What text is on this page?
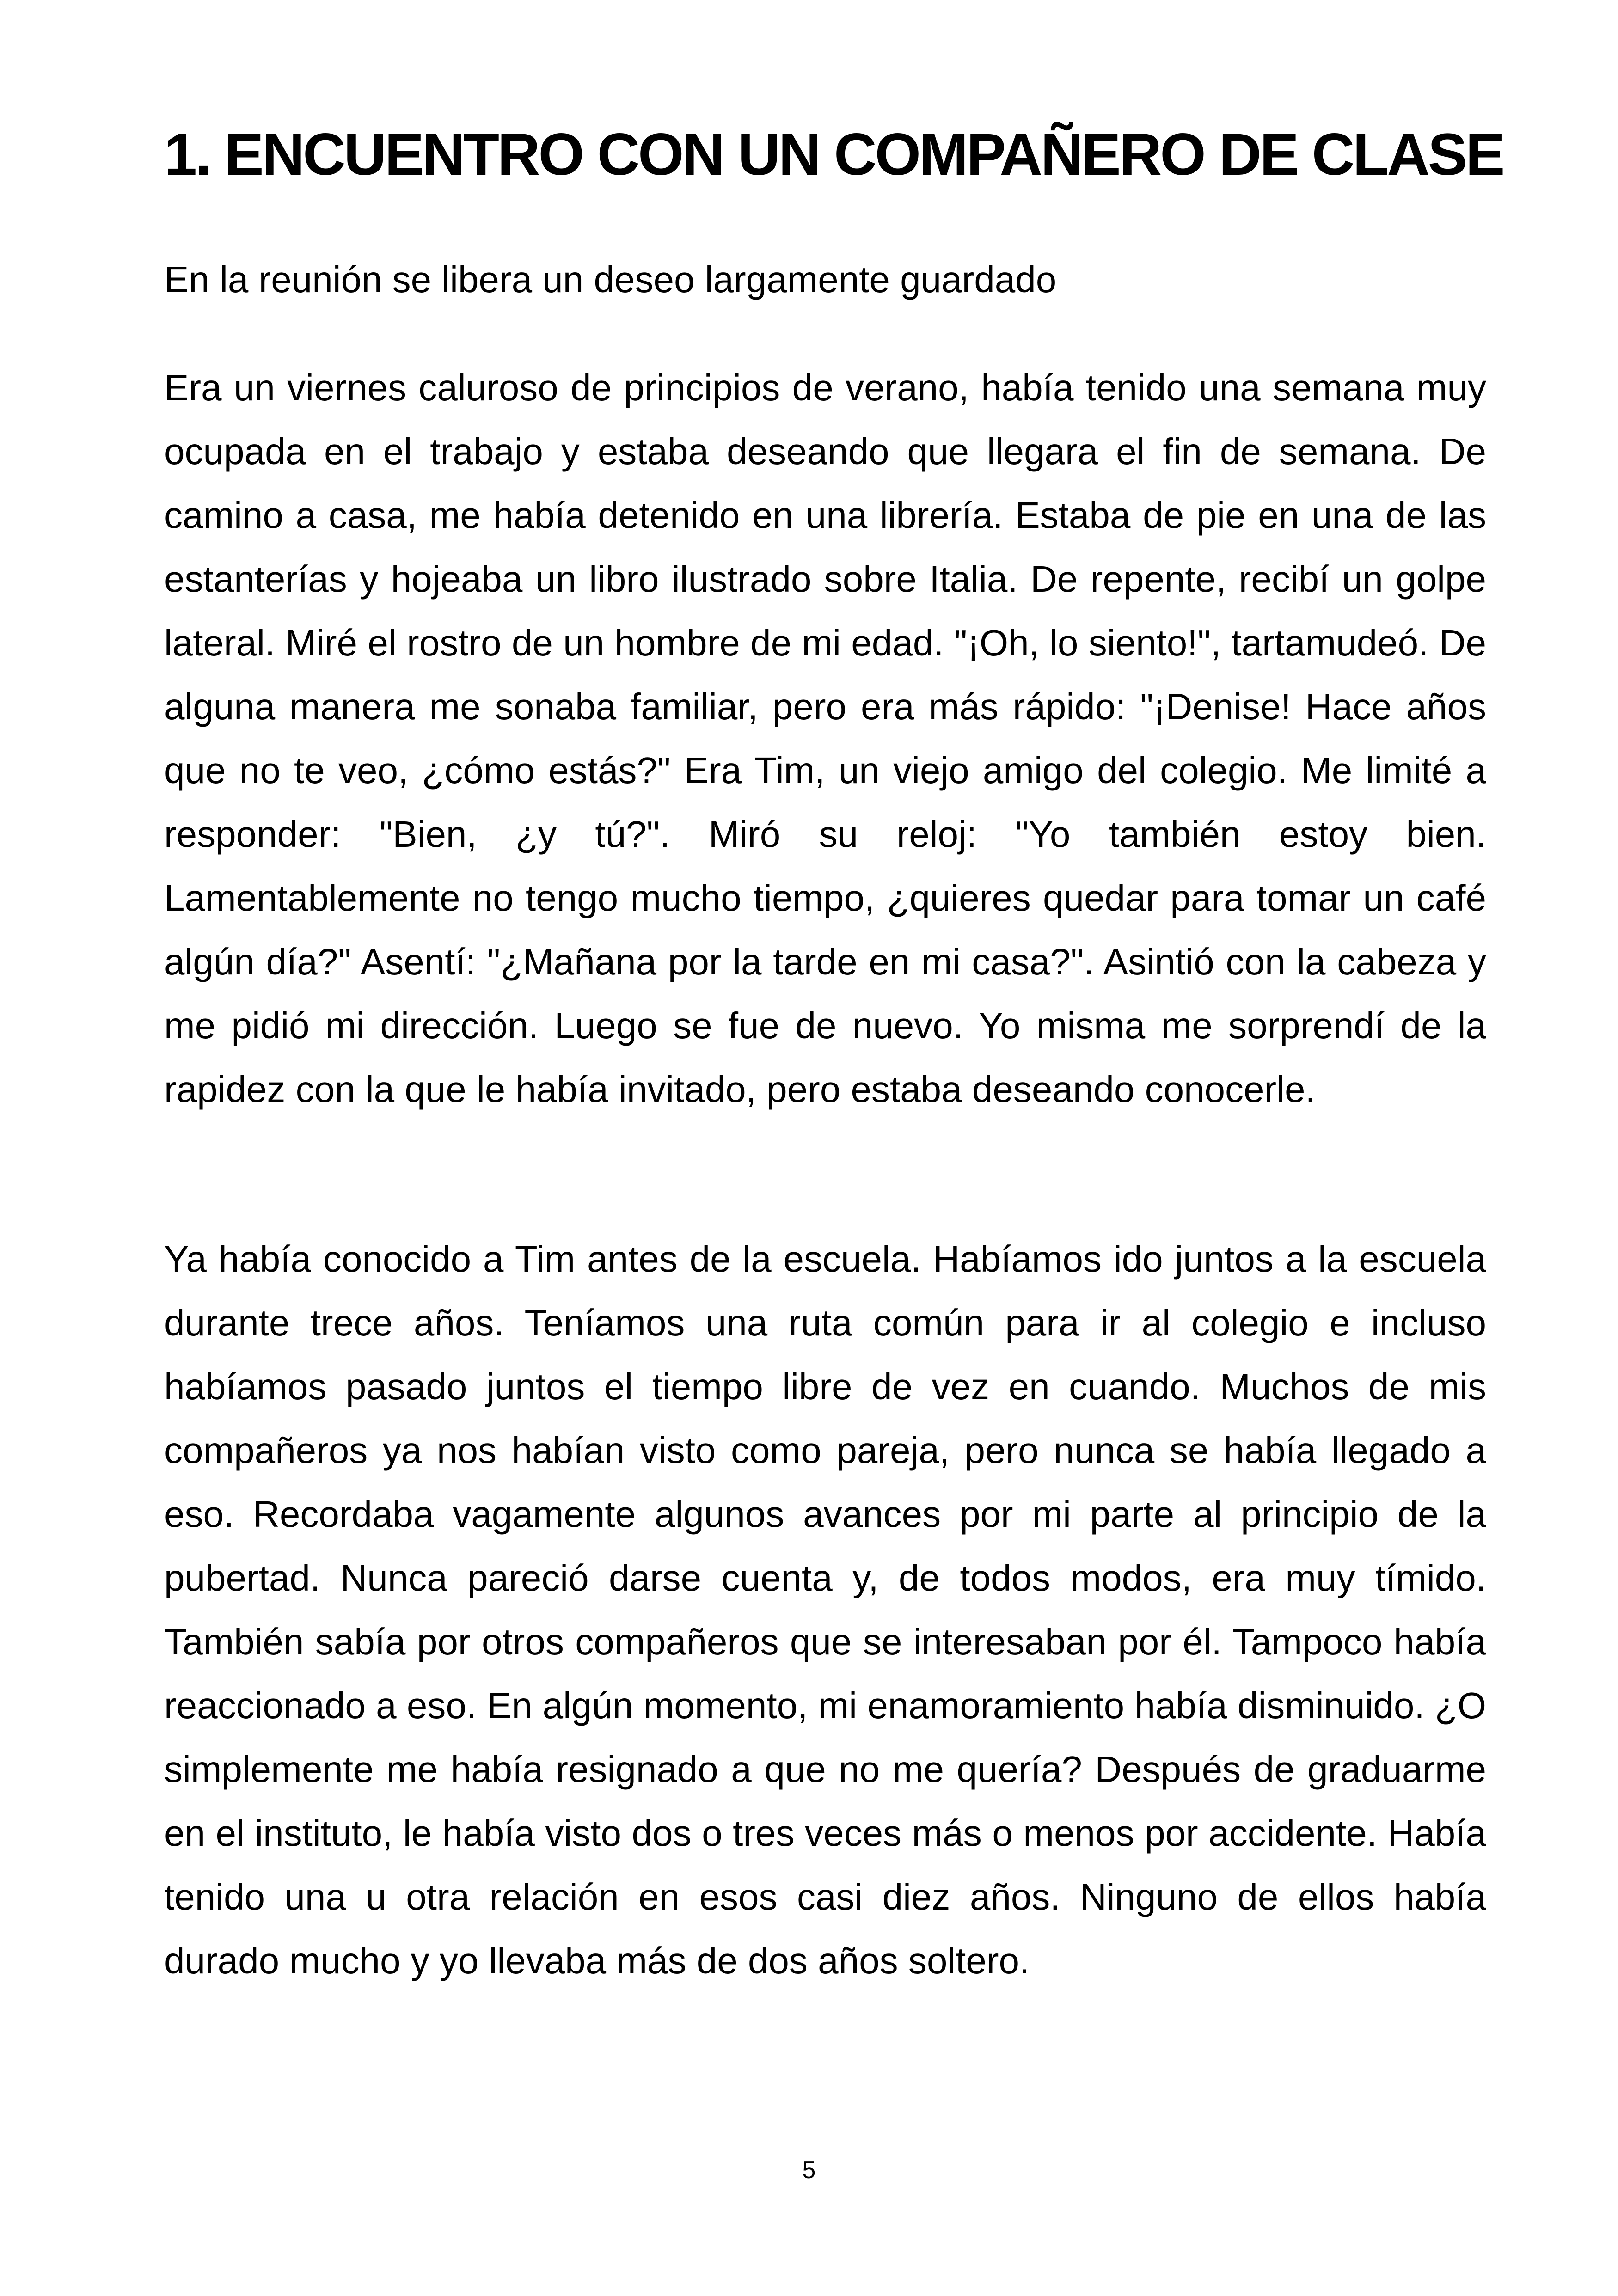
1. ENCUENTRO CON UN COMPAÑERO DE CLASE

En la reunión se libera un deseo largamente guardado

Era un viernes caluroso de principios de verano, había tenido una semana muy ocupada en el trabajo y estaba deseando que llegara el fin de semana. De camino a casa, me había detenido en una librería. Estaba de pie en una de las estanterías y hojeaba un libro ilustrado sobre Italia. De repente, recibí un golpe lateral. Miré el rostro de un hombre de mi edad. "¡Oh, lo siento!", tartamudeó. De alguna manera me sonaba familiar, pero era más rápido: "¡Denise! Hace años que no te veo, ¿cómo estás?" Era Tim, un viejo amigo del colegio. Me limité a responder: "Bien, ¿y tú?". Miró su reloj: "Yo también estoy bien. Lamentablemente no tengo mucho tiempo, ¿quieres quedar para tomar un café algún día?" Asentí: "¿Mañana por la tarde en mi casa?". Asintió con la cabeza y me pidió mi dirección. Luego se fue de nuevo. Yo misma me sorprendí de la rapidez con la que le había invitado, pero estaba deseando conocerle.

Ya había conocido a Tim antes de la escuela. Habíamos ido juntos a la escuela durante trece años. Teníamos una ruta común para ir al colegio e incluso habíamos pasado juntos el tiempo libre de vez en cuando. Muchos de mis compañeros ya nos habían visto como pareja, pero nunca se había llegado a eso. Recordaba vagamente algunos avances por mi parte al principio de la pubertad. Nunca pareció darse cuenta y, de todos modos, era muy tímido. También sabía por otros compañeros que se interesaban por él. Tampoco había reaccionado a eso. En algún momento, mi enamoramiento había disminuido. ¿O simplemente me había resignado a que no me quería? Después de graduarme en el instituto, le había visto dos o tres veces más o menos por accidente. Había tenido una u otra relación en esos casi diez años. Ninguno de ellos había durado mucho y yo llevaba más de dos años soltero.

5
